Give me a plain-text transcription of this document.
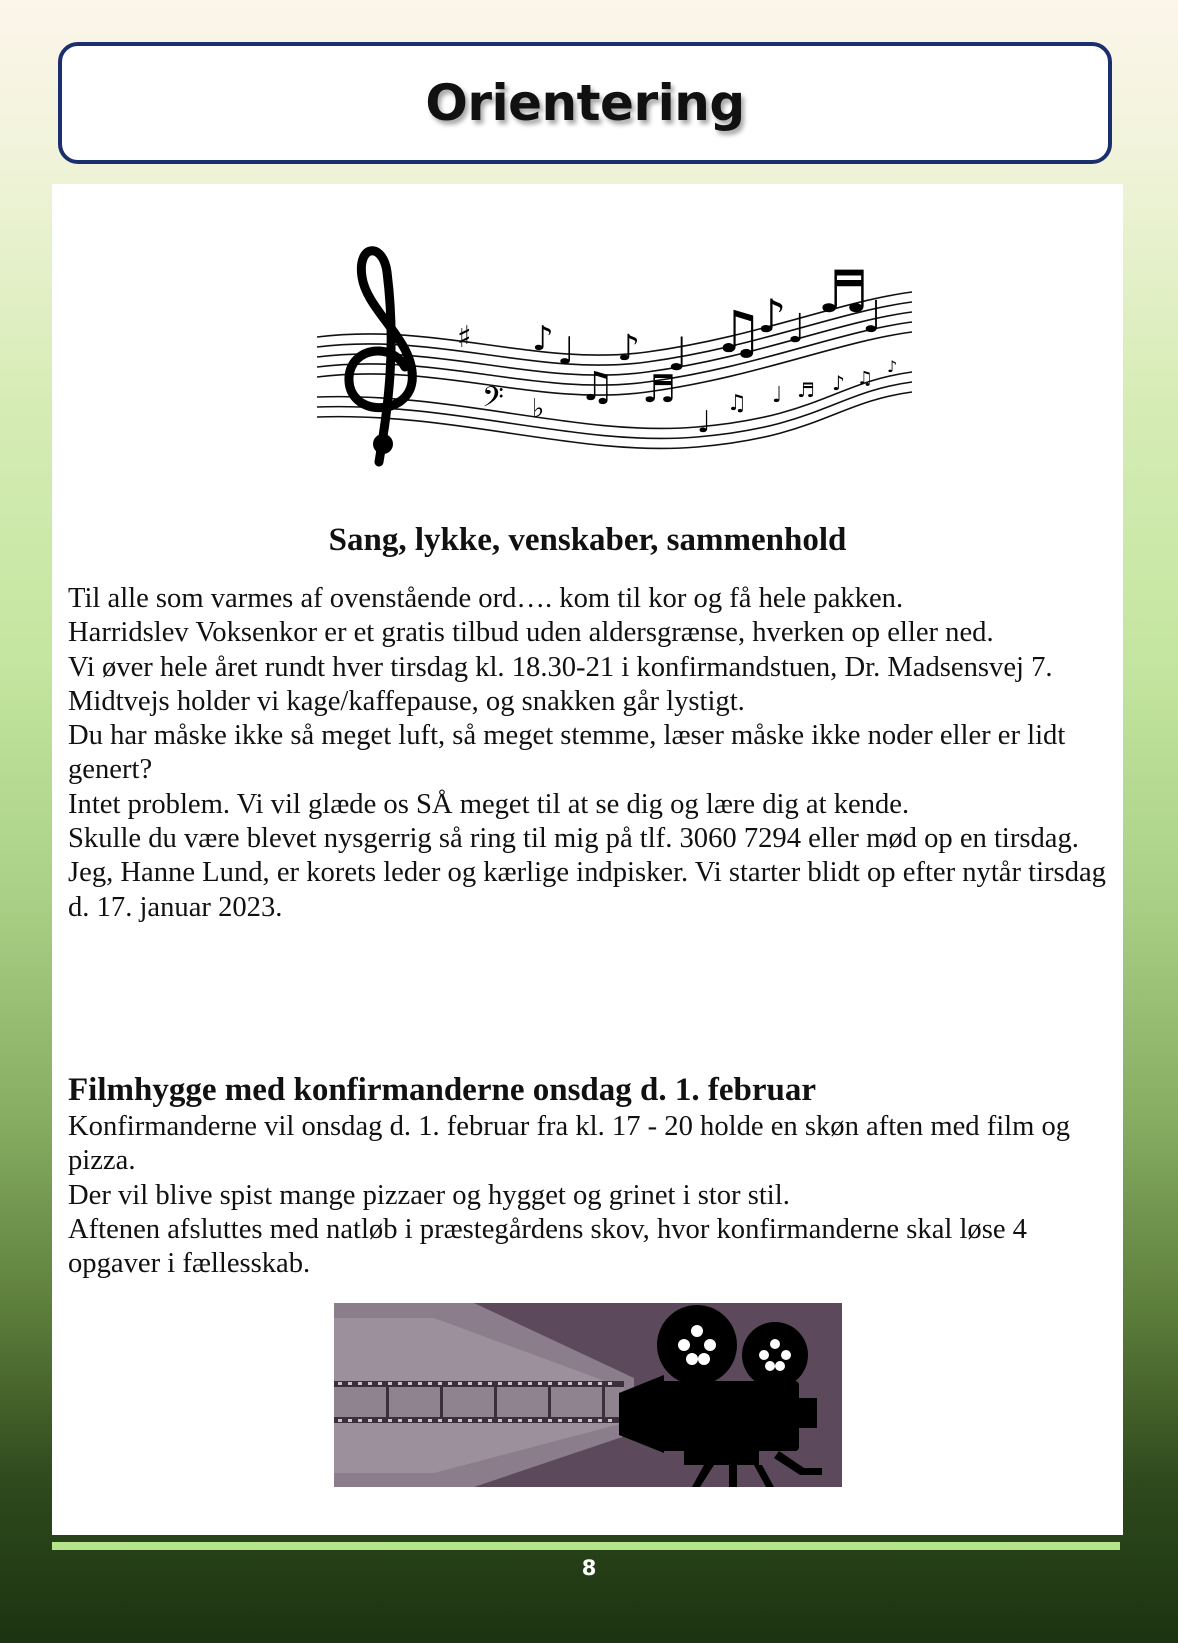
Orientering
♯
𝄢 ♭
♪ ♩
♫
♪
♬
♩
♩
♫
♪ ♩
♬
♩
♫ ♩ ♬ ♪ ♫
♪
Sang, lykke, venskaber, sammenhold

Til alle som varmes af ovenstående ord…. kom til kor og få hele pakken.

Harridslev Voksenkor er et gratis tilbud uden aldersgrænse, hverken op eller ned.

Vi øver hele året rundt hver tirsdag kl. 18.30-21 i konfirmandstuen, Dr. Madsensvej 7. Midtvejs holder vi kage/kaffepause, og snakken går lystigt.

Du har måske ikke så meget luft, så meget stemme, læser måske ikke noder eller er lidt genert?

Intet problem. Vi vil glæde os SÅ meget til at se dig og lære dig at kende.

Skulle du være blevet nysgerrig så ring til mig på tlf. 3060 7294 eller mød op en tirsdag.

Jeg, Hanne Lund, er korets leder og kærlige indpisker. Vi starter blidt op efter nytår tirsdag d. 17. januar 2023.

Filmhygge med konfirmanderne onsdag d. 1. februar

Konfirmanderne vil onsdag d. 1. februar fra kl. 17 - 20 holde en skøn aften med film og pizza.

Der vil blive spist mange pizzaer og hygget og grinet i stor stil.

Aftenen afsluttes med natløb i præstegårdens skov, hvor konfirmanderne skal løse 4 opgaver i fællesskab.

8
